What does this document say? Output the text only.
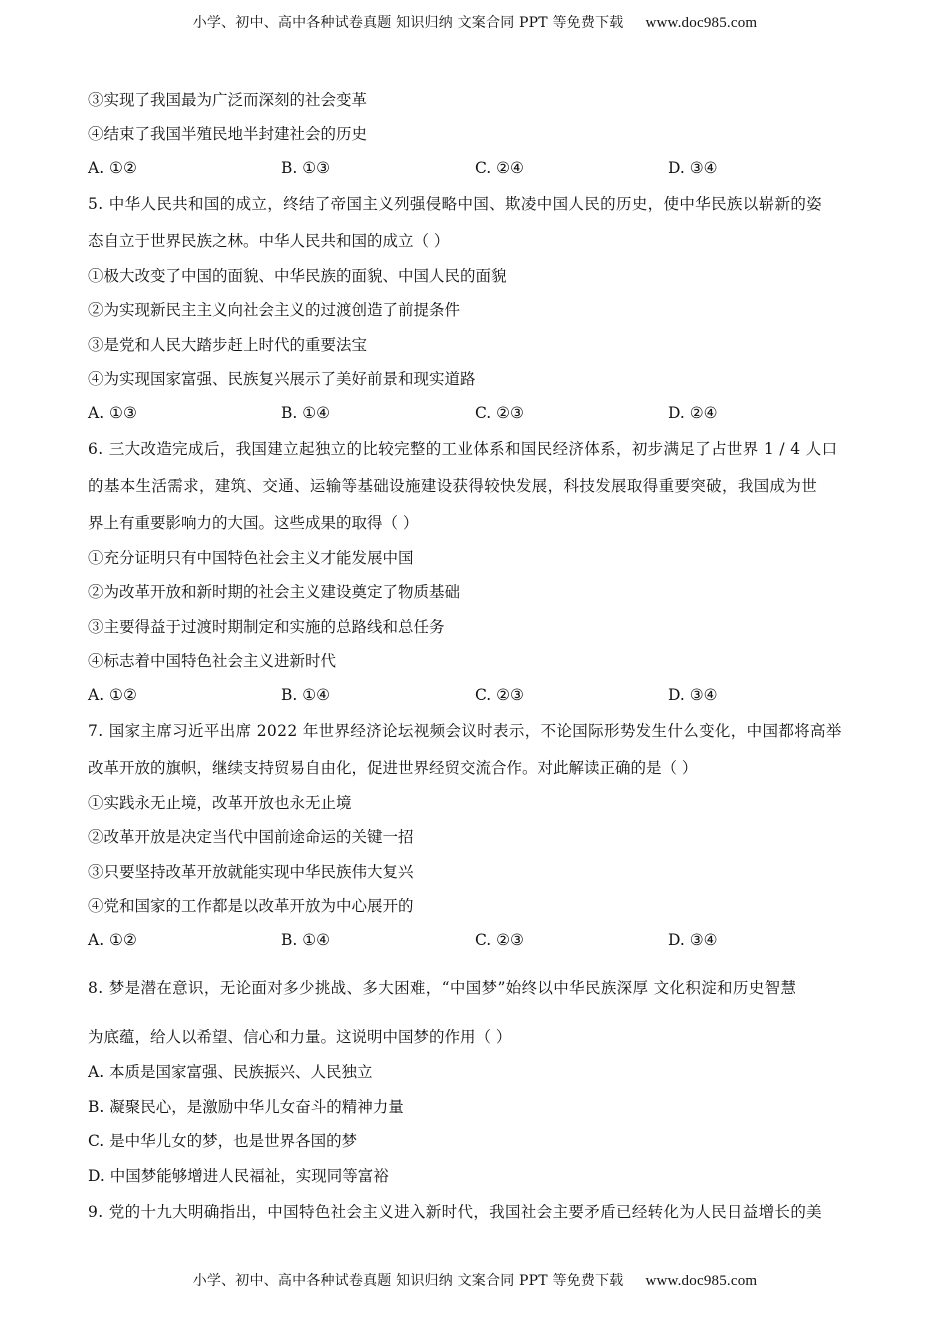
小学、初中、高中各种试卷真题 知识归纳 文案合同 PPT 等免费下载 www.doc985.com
③实现了我国最为广泛而深刻的社会变革
④结束了我国半殖民地半封建社会的历史
A. ①②	B. ①③	C. ②④	D. ③④
5. 中华人民共和国的成立，终结了帝国主义列强侵略中国、欺凌中国人民的历史，使中华民族以崭新的姿
态自立于世界民族之林。中华人民共和国的成立（ ）
①极大改变了中国的面貌、中华民族的面貌、中国人民的面貌
②为实现新民主主义向社会主义的过渡创造了前提条件
③是党和人民大踏步赶上时代的重要法宝
④为实现国家富强、民族复兴展示了美好前景和现实道路
A. ①③	B. ①④	C. ②③	D. ②④
6. 三大改造完成后，我国建立起独立的比较完整的工业体系和国民经济体系，初步满足了占世界 1 / 4 人口
的基本生活需求，建筑、交通、运输等基础设施建设获得较快发展，科技发展取得重要突破，我国成为世
界上有重要影响力的大国。这些成果的取得（ ）
①充分证明只有中国特色社会主义才能发展中国
②为改革开放和新时期的社会主义建设奠定了物质基础
③主要得益于过渡时期制定和实施的总路线和总任务
④标志着中国特色社会主义进新时代
A. ①②	B. ①④	C. ②③	D. ③④
7. 国家主席习近平出席 2022 年世界经济论坛视频会议时表示，不论国际形势发生什么变化，中国都将高举
改革开放的旗帜，继续支持贸易自由化，促进世界经贸交流合作。对此解读正确的是（ ）
①实践永无止境，改革开放也永无止境
②改革开放是决定当代中国前途命运的关键一招
③只要坚持改革开放就能实现中华民族伟大复兴
④党和国家的工作都是以改革开放为中心展开的
A. ①②	B. ①④	C. ②③	D. ③④
8. 梦是潜在意识，无论面对多少挑战、多大困难，“中国梦”始终以中华民族深厚 文化积淀和历史智慧
为底蕴，给人以希望、信心和力量。这说明中国梦的作用（ ）
A. 本质是国家富强、民族振兴、人民独立
B. 凝聚民心，是激励中华儿女奋斗的精神力量
C. 是中华儿女的梦，也是世界各国的梦
D. 中国梦能够增进人民福祉，实现同等富裕
9. 党的十九大明确指出，中国特色社会主义进入新时代，我国社会主要矛盾已经转化为人民日益增长的美
小学、初中、高中各种试卷真题 知识归纳 文案合同 PPT 等免费下载 www.doc985.com
